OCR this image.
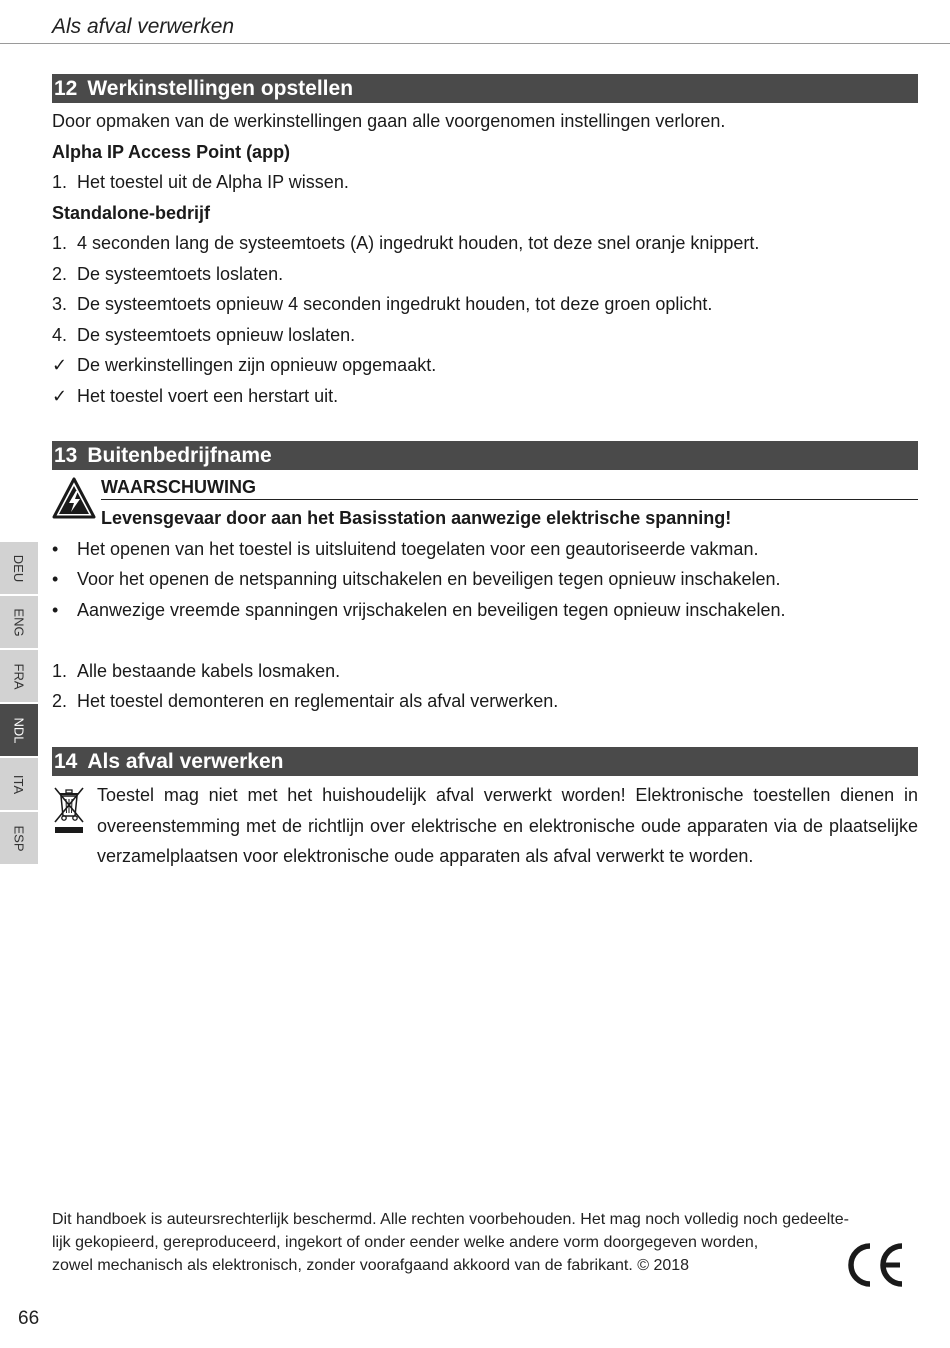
Als afval verwerken
12 Werkinstellingen opstellen
Door opmaken van de werkinstellingen gaan alle voorgenomen instellingen verloren.
Alpha IP Access Point (app)
1. Het toestel uit de Alpha IP wissen.
Standalone-bedrijf
1. 4 seconden lang de systeemtoets (A) ingedrukt houden, tot deze snel oranje knippert.
2. De systeemtoets loslaten.
3. De systeemtoets opnieuw 4 seconden ingedrukt houden, tot deze groen oplicht.
4. De systeemtoets opnieuw loslaten.
✓ De werkinstellingen zijn opnieuw opgemaakt.
✓ Het toestel voert een herstart uit.
13 Buitenbedrijfname
WAARSCHUWING
Levensgevaar door aan het Basisstation aanwezige elektrische spanning!
• Het openen van het toestel is uitsluitend toegelaten voor een geautoriseerde vakman.
• Voor het openen de netspanning uitschakelen en beveiligen tegen opnieuw inschakelen.
• Aanwezige vreemde spanningen vrijschakelen en beveiligen tegen opnieuw inschakelen.
1. Alle bestaande kabels losmaken.
2. Het toestel demonteren en reglementair als afval verwerken.
14 Als afval verwerken
Toestel mag niet met het huishoudelijk afval verwerkt worden! Elektronische toestellen dienen in overeenstemming met de richtlijn over elektrische en elektronische oude apparaten via de plaatselijke verzamelplaatsen voor elektronische oude apparaten als afval verwerkt te worden.
DEU
ENG
FRA
NDL
ITA
ESP
Dit handboek is auteursrechterlijk beschermd. Alle rechten voorbehouden. Het mag noch volledig noch gedeelte-
lijk gekopieerd, gereproduceerd, ingekort of onder eender welke andere vorm doorgegeven worden,
zowel mechanisch als elektronisch, zonder voorafgaand akkoord van de fabrikant. © 2018
66
